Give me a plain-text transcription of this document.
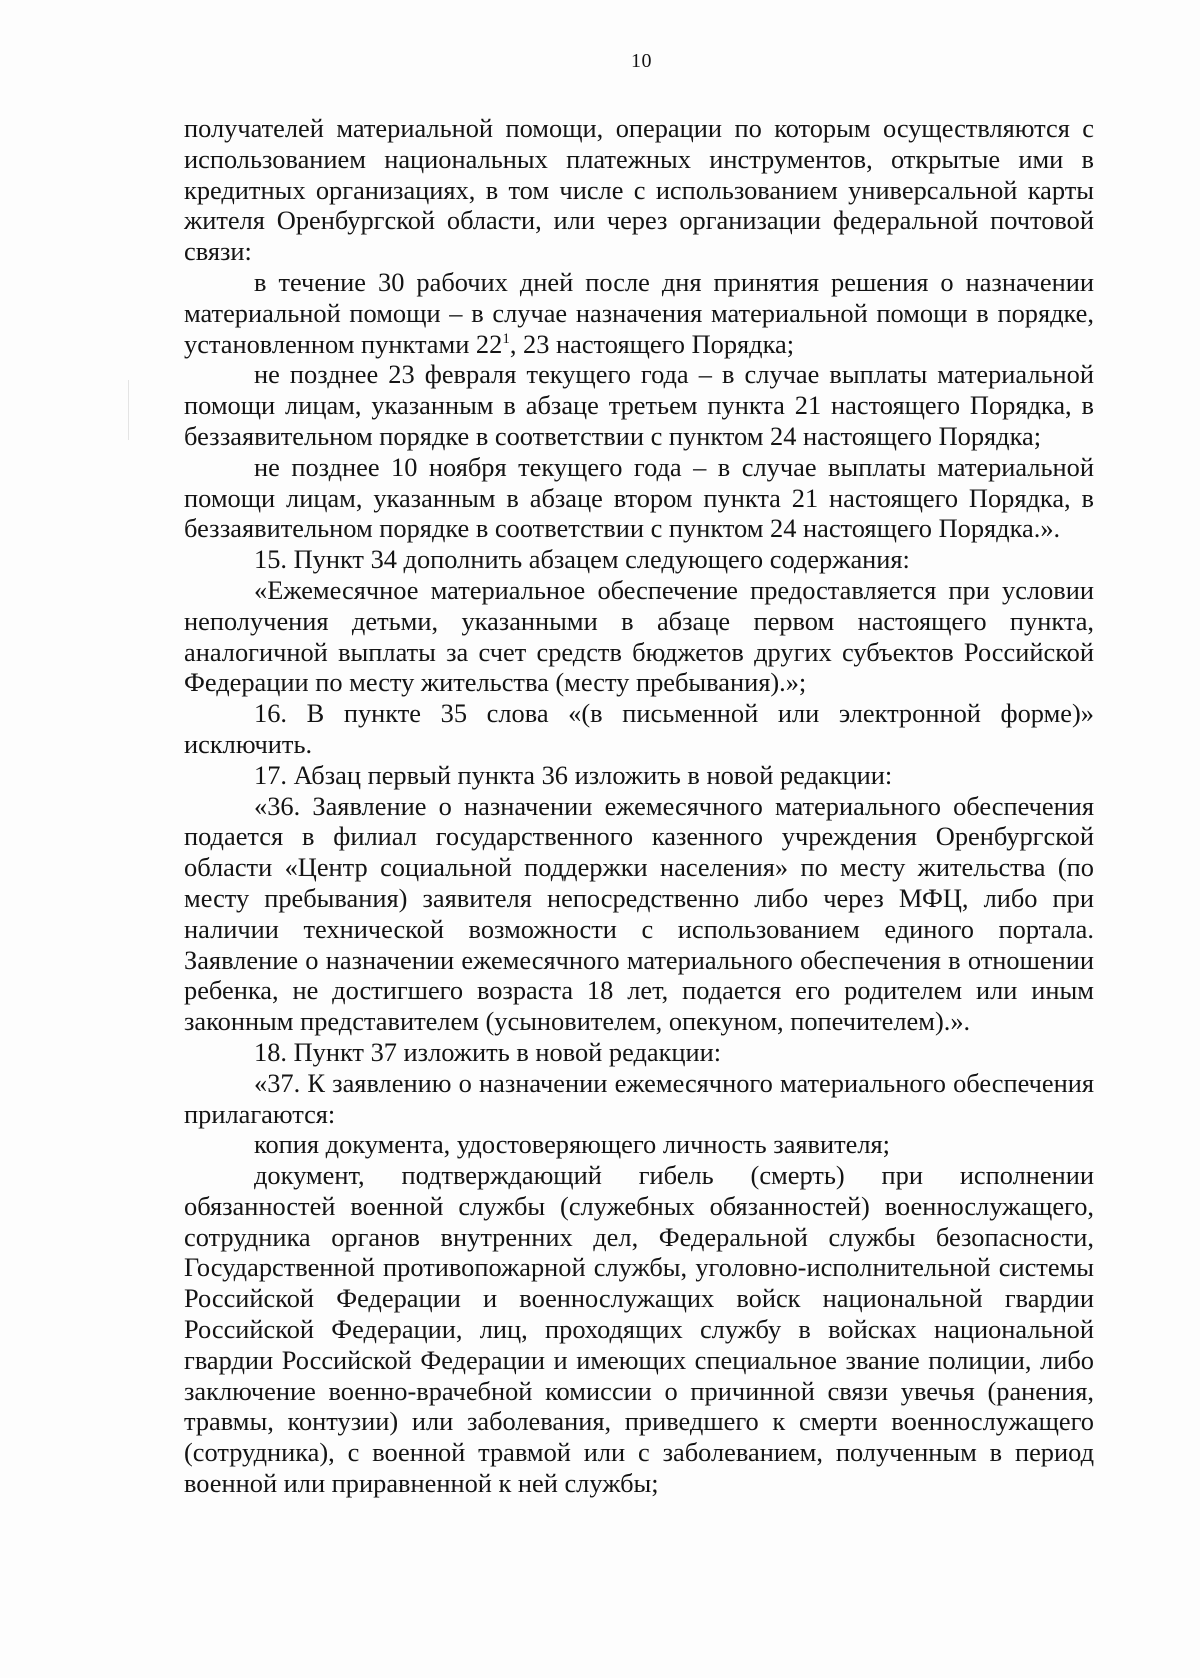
10

получателей материальной помощи, операции по которым осуществляются с использованием национальных платежных инструментов, открытые ими в кредитных организациях, в том числе с использованием универсальной карты жителя Оренбургской области, или через организации федеральной почтовой связи:

в течение 30 рабочих дней после дня принятия решения о назначении материальной помощи – в случае назначения материальной помощи в порядке, установленном пунктами $22^1$, 23 настоящего Порядка;

не позднее 23 февраля текущего года – в случае выплаты материальной помощи лицам, указанным в абзаце третьем пункта 21 настоящего Порядка, в беззаявительном порядке в соответствии с пунктом 24 настоящего Порядка;

не позднее 10 ноября текущего года – в случае выплаты материальной помощи лицам, указанным в абзаце втором пункта 21 настоящего Порядка, в беззаявительном порядке в соответствии с пунктом 24 настоящего Порядка.».

15. Пункт 34 дополнить абзацем следующего содержания:

«Ежемесячное материальное обеспечение предоставляется при условии неполучения детьми, указанными в абзаце первом настоящего пункта, аналогичной выплаты за счет средств бюджетов других субъектов Российской Федерации по месту жительства (месту пребывания).»;

16. В пункте 35 слова «(в письменной или электронной форме)» исключить.

17. Абзац первый пункта 36 изложить в новой редакции:

«36. Заявление о назначении ежемесячного материального обеспечения подается в филиал государственного казенного учреждения Оренбургской области «Центр социальной поддержки населения» по месту жительства (по месту пребывания) заявителя непосредственно либо через МФЦ, либо при наличии технической возможности с использованием единого портала. Заявление о назначении ежемесячного материального обеспечения в отношении ребенка, не достигшего возраста 18 лет, подается его родителем или иным законным представителем (усыновителем, опекуном, попечителем).».

18. Пункт 37 изложить в новой редакции:

«37. К заявлению о назначении ежемесячного материального обеспечения прилагаются:

копия документа, удостоверяющего личность заявителя;

документ, подтверждающий гибель (смерть) при исполнении обязанностей военной службы (служебных обязанностей) военнослужащего, сотрудника органов внутренних дел, Федеральной службы безопасности, Государственной противопожарной службы, уголовно-исполнительной системы Российской Федерации и военнослужащих войск национальной гвардии Российской Федерации, лиц, проходящих службу в войсках национальной гвардии Российской Федерации и имеющих специальное звание полиции, либо заключение военно-врачебной комиссии о причинной связи увечья (ранения, травмы, контузии) или заболевания, приведшего к смерти военнослужащего (сотрудника), с военной травмой или с заболеванием, полученным в период военной или приравненной к ней службы;
